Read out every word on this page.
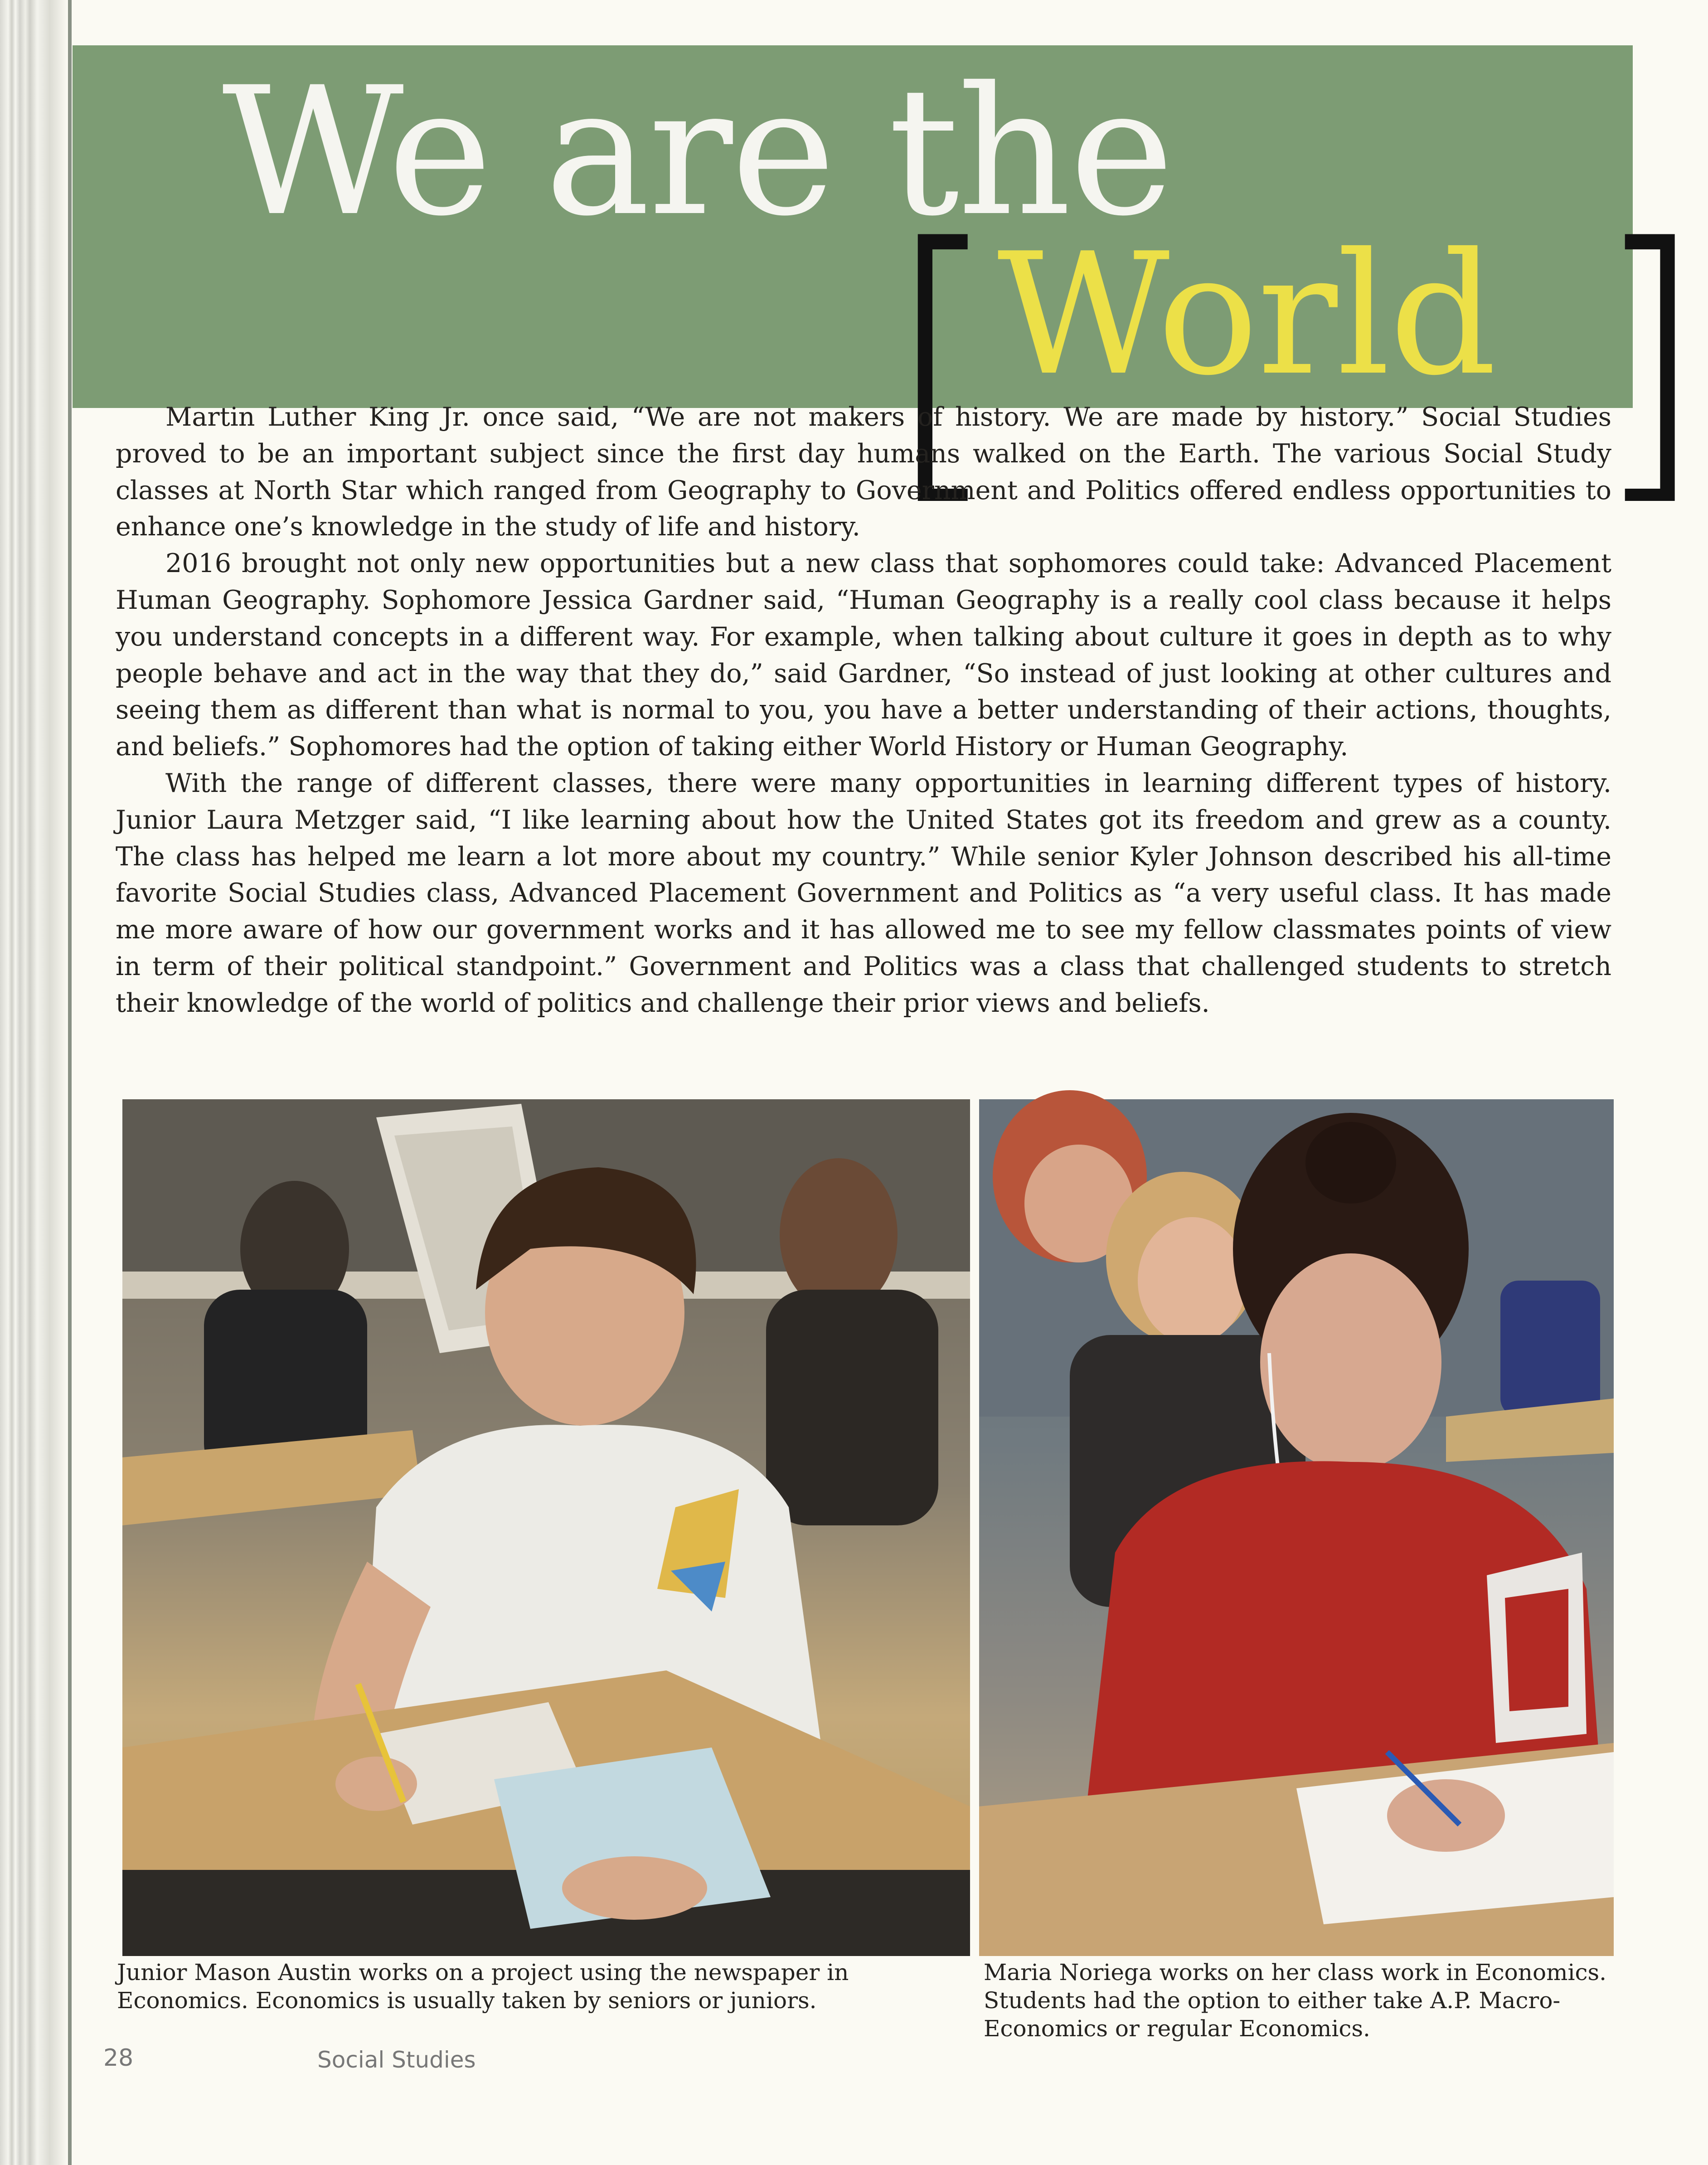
We are the
[
World ]

Martin Luther King Jr. once said, “We are not makers of history. We are made by history.” Social Studies proved to be an important subject since the first day humans walked on the Earth. The various Social Study classes at North Star which ranged from Geography to Government and Politics offered endless opportunities to enhance one’s knowledge in the study of life and history.

2016 brought not only new opportunities but a new class that sophomores could take: Advanced Placement Human Geography. Sophomore Jessica Gardner said, “Human Geography is a really cool class because it helps you understand concepts in a different way. For example, when talking about culture it goes in depth as to why people behave and act in the way that they do,” said Gardner, “So instead of just looking at other cultures and seeing them as different than what is normal to you, you have a better understanding of their actions, thoughts, and beliefs.” Sophomores had the option of taking either World History or Human Geography.

With the range of different classes, there were many opportunities in learning different types of history. Junior Laura Metzger said, “I like learning about how the United States got its freedom and grew as a county. The class has helped me learn a lot more about my country.” While senior Kyler Johnson described his all-time favorite Social Studies class, Advanced Placement Government and Politics as “a very useful class. It has made me more aware of how our government works and it has allowed me to see my fellow classmates points of view in term of their political standpoint.” Government and Politics was a class that challenged students to stretch their knowledge of the world of politics and challenge their prior views and beliefs.

Junior Mason Austin works on a project using the newspaper in Economics. Economics is usually taken by seniors or juniors.
Maria Noriega works on her class work in Economics. Students had the option to either take A.P. Macro- Economics or regular Economics.
28	Social Studies
